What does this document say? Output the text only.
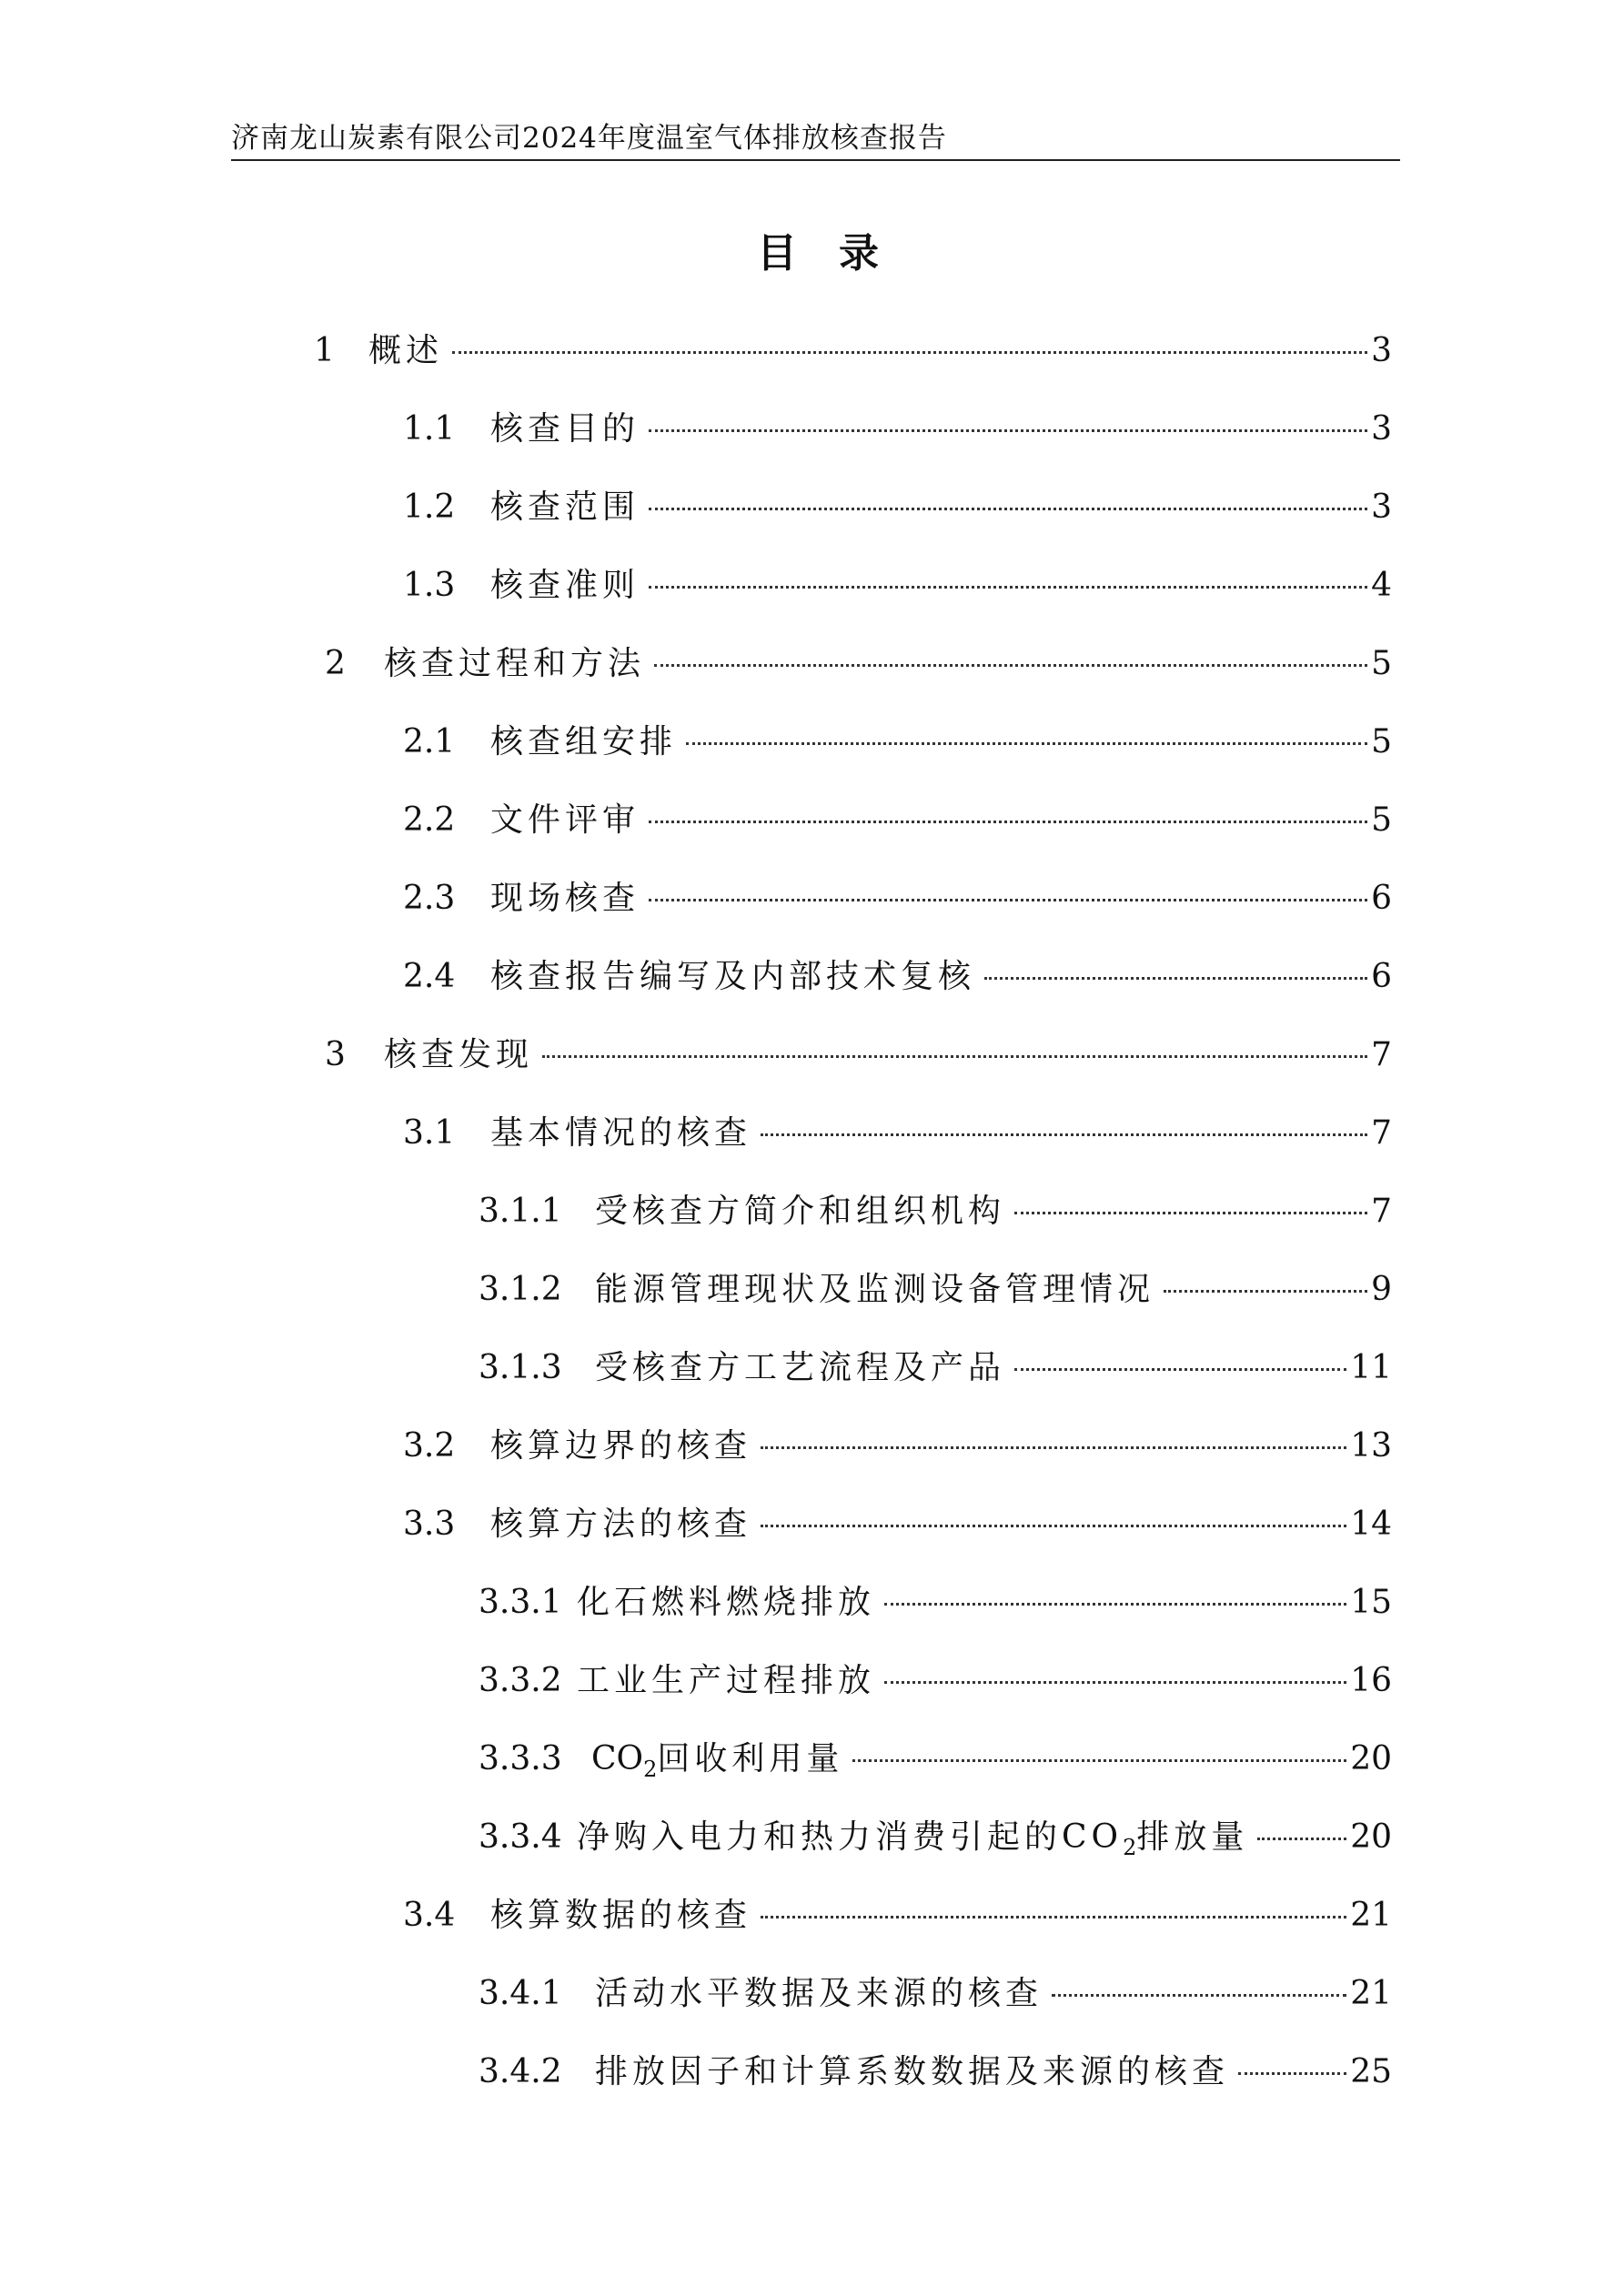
济南龙山炭素有限公司2024年度温室气体排放核查报告
目录
1	概述	3
1.1	核查目的	3
1.2	核查范围	3
1.3	核查准则	4
2	核查过程和方法	5
2.1	核查组安排	5
2.2	文件评审	5
2.3	现场核查	6
2.4	核查报告编写及内部技术复核	6
3	核查发现	7
3.1	基本情况的核查	7
3.1.1	受核查方简介和组织机构	7
3.1.2	能源管理现状及监测设备管理情况	9
3.1.3	受核查方工艺流程及产品	11
3.2	核算边界的核查	13
3.3	核算方法的核查	14
3.3.1 化石燃料燃烧排放	15
3.3.2 工业生产过程排放	16
3.3.3 $CO_2$回收利用量	20
3.3.4 净购入电力和热力消费引起的$CO_2$排放量	20
3.4	核算数据的核查	21
3.4.1	活动水平数据及来源的核查	21
3.4.2	排放因子和计算系数数据及来源的核查	25
